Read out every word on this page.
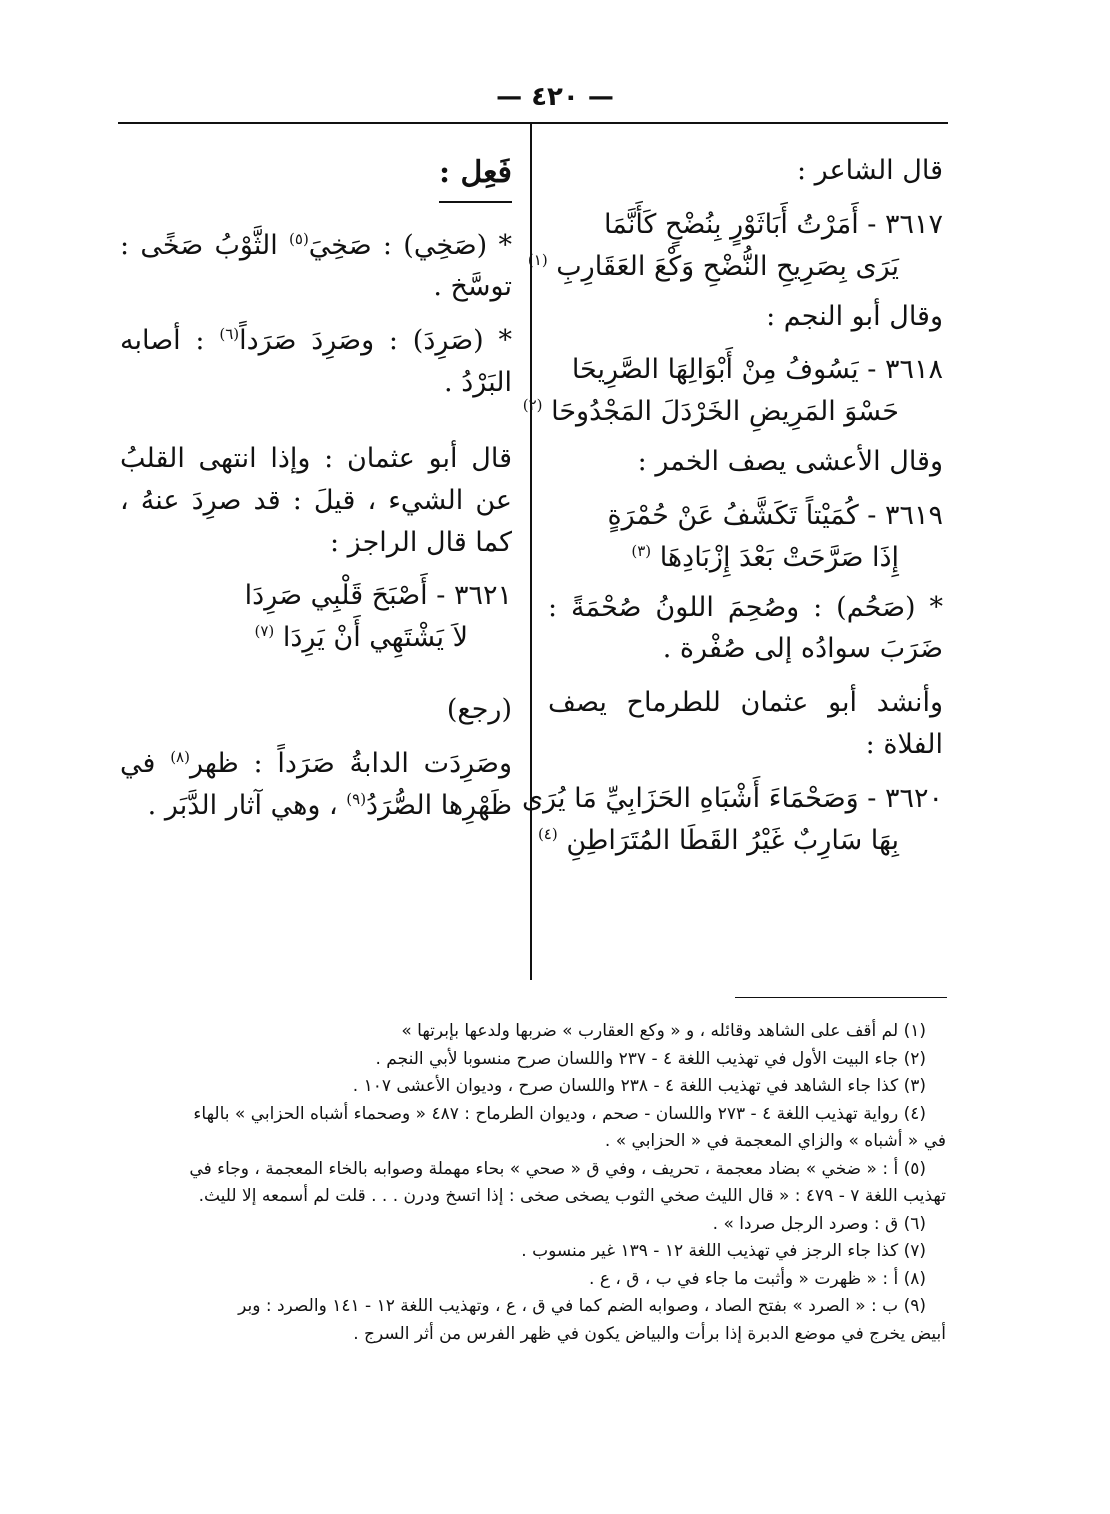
— ٤٢٠ —

قال الشاعر :

٣٦١٧ - أَمَرْتُ أَبَاثَوْرٍ بِنُضْحٍ كَأَنَّمَا
يَرَى بِصَرِيحِ النُّضْحِ وَكْعَ العَقَارِبِ $^{(١)}$

وقال أبو النجم :

٣٦١٨ - يَسُوفُ مِنْ أَبْوَالِهَا الصَّرِيحَا
حَسْوَ المَرِيضِ الخَرْدَلَ المَجْدُوحَا $^{(٢)}$

وقال الأعشى يصف الخمر :

٣٦١٩ - كُمَيْتاً تَكَشَّفُ عَنْ حُمْرَةٍ
إِذَا صَرَّحَتْ بَعْدَ إِزْبَادِهَا $^{(٣)}$

* (صَحُم) : وصُحِمَ اللونُ صُحْمَةً : ضَرَبَ سوادُه إلى صُفْرة .

وأنشد أبو عثمان للطرماح يصف الفلاة :

٣٦٢٠ - وَصَحْمَاءَ أَشْبَاهِ الحَزَابِيِّ مَا يُرَى
بِهَا سَارِبٌ غَيْرُ القَطَا المُتَرَاطِنِ $^{(٤)}$
فَعِل :

* (صَخِي) : صَخِيَ$^{(٥)}$ الثَّوْبُ صَخًى : توسَّخ .

* (صَرِدَ) : وصَرِدَ صَرَداً$^{(٦)}$ : أصابه البَرْدُ .

قال أبو عثمان : وإذا انتهى القلبُ عن الشيء ، قيلَ : قد صرِدَ عنهُ ، كما قال الراجز :

٣٦٢١ - أَصْبَحَ قَلْبِي صَرِدَا
لاَ يَشْتَهِي أَنْ يَرِدَا $^{(٧)}$

(رجع)

وصَرِدَت الدابةُ صَرَداً : ظهر$^{(٨)}$ في ظَهْرِها الصُّرَدُ$^{(٩)}$ ، وهي آثار الدَّبَر .

(١) لم أقف على الشاهد وقائله ، و « وكع العقارب » ضربها ولدعها بإبرتها »

(٢) جاء البيت الأول في تهذيب اللغة ٤ - ٢٣٧ واللسان صرح منسوبا لأبي النجم .

(٣) كذا جاء الشاهد في تهذيب اللغة ٤ - ٢٣٨ واللسان صرح ، وديوان الأعشى ١٠٧ .

(٤) رواية تهذيب اللغة ٤ - ٢٧٣ واللسان - صحم ، وديوان الطرماح : ٤٨٧ « وصحماء أشباه الحزابي » بالهاء
في « أشباه » والزاي المعجمة في « الحزابي » .

(٥) أ : « ضخي » بضاد معجمة ، تحريف ، وفي ق « صحي » بحاء مهملة وصوابه بالخاء المعجمة ، وجاء في
تهذيب اللغة ٧ - ٤٧٩ : « قال الليث صخي الثوب يصخى صخى : إذا اتسخ ودرن . . . قلت لم أسمعه إلا لليث.

(٦) ق : وصرد الرجل صردا » .

(٧) كذا جاء الرجز في تهذيب اللغة ١٢ - ١٣٩ غير منسوب .

(٨) أ : « ظهرت « وأثبت ما جاء في ب ، ق ، ع .

(٩) ب : « الصرد » بفتح الصاد ، وصوابه الضم كما في ق ، ع ، وتهذيب اللغة ١٢ - ١٤١ والصرد : وبر
أبيض يخرج في موضع الدبرة إذا برأت والبياض يكون في ظهر الفرس من أثر السرج .
